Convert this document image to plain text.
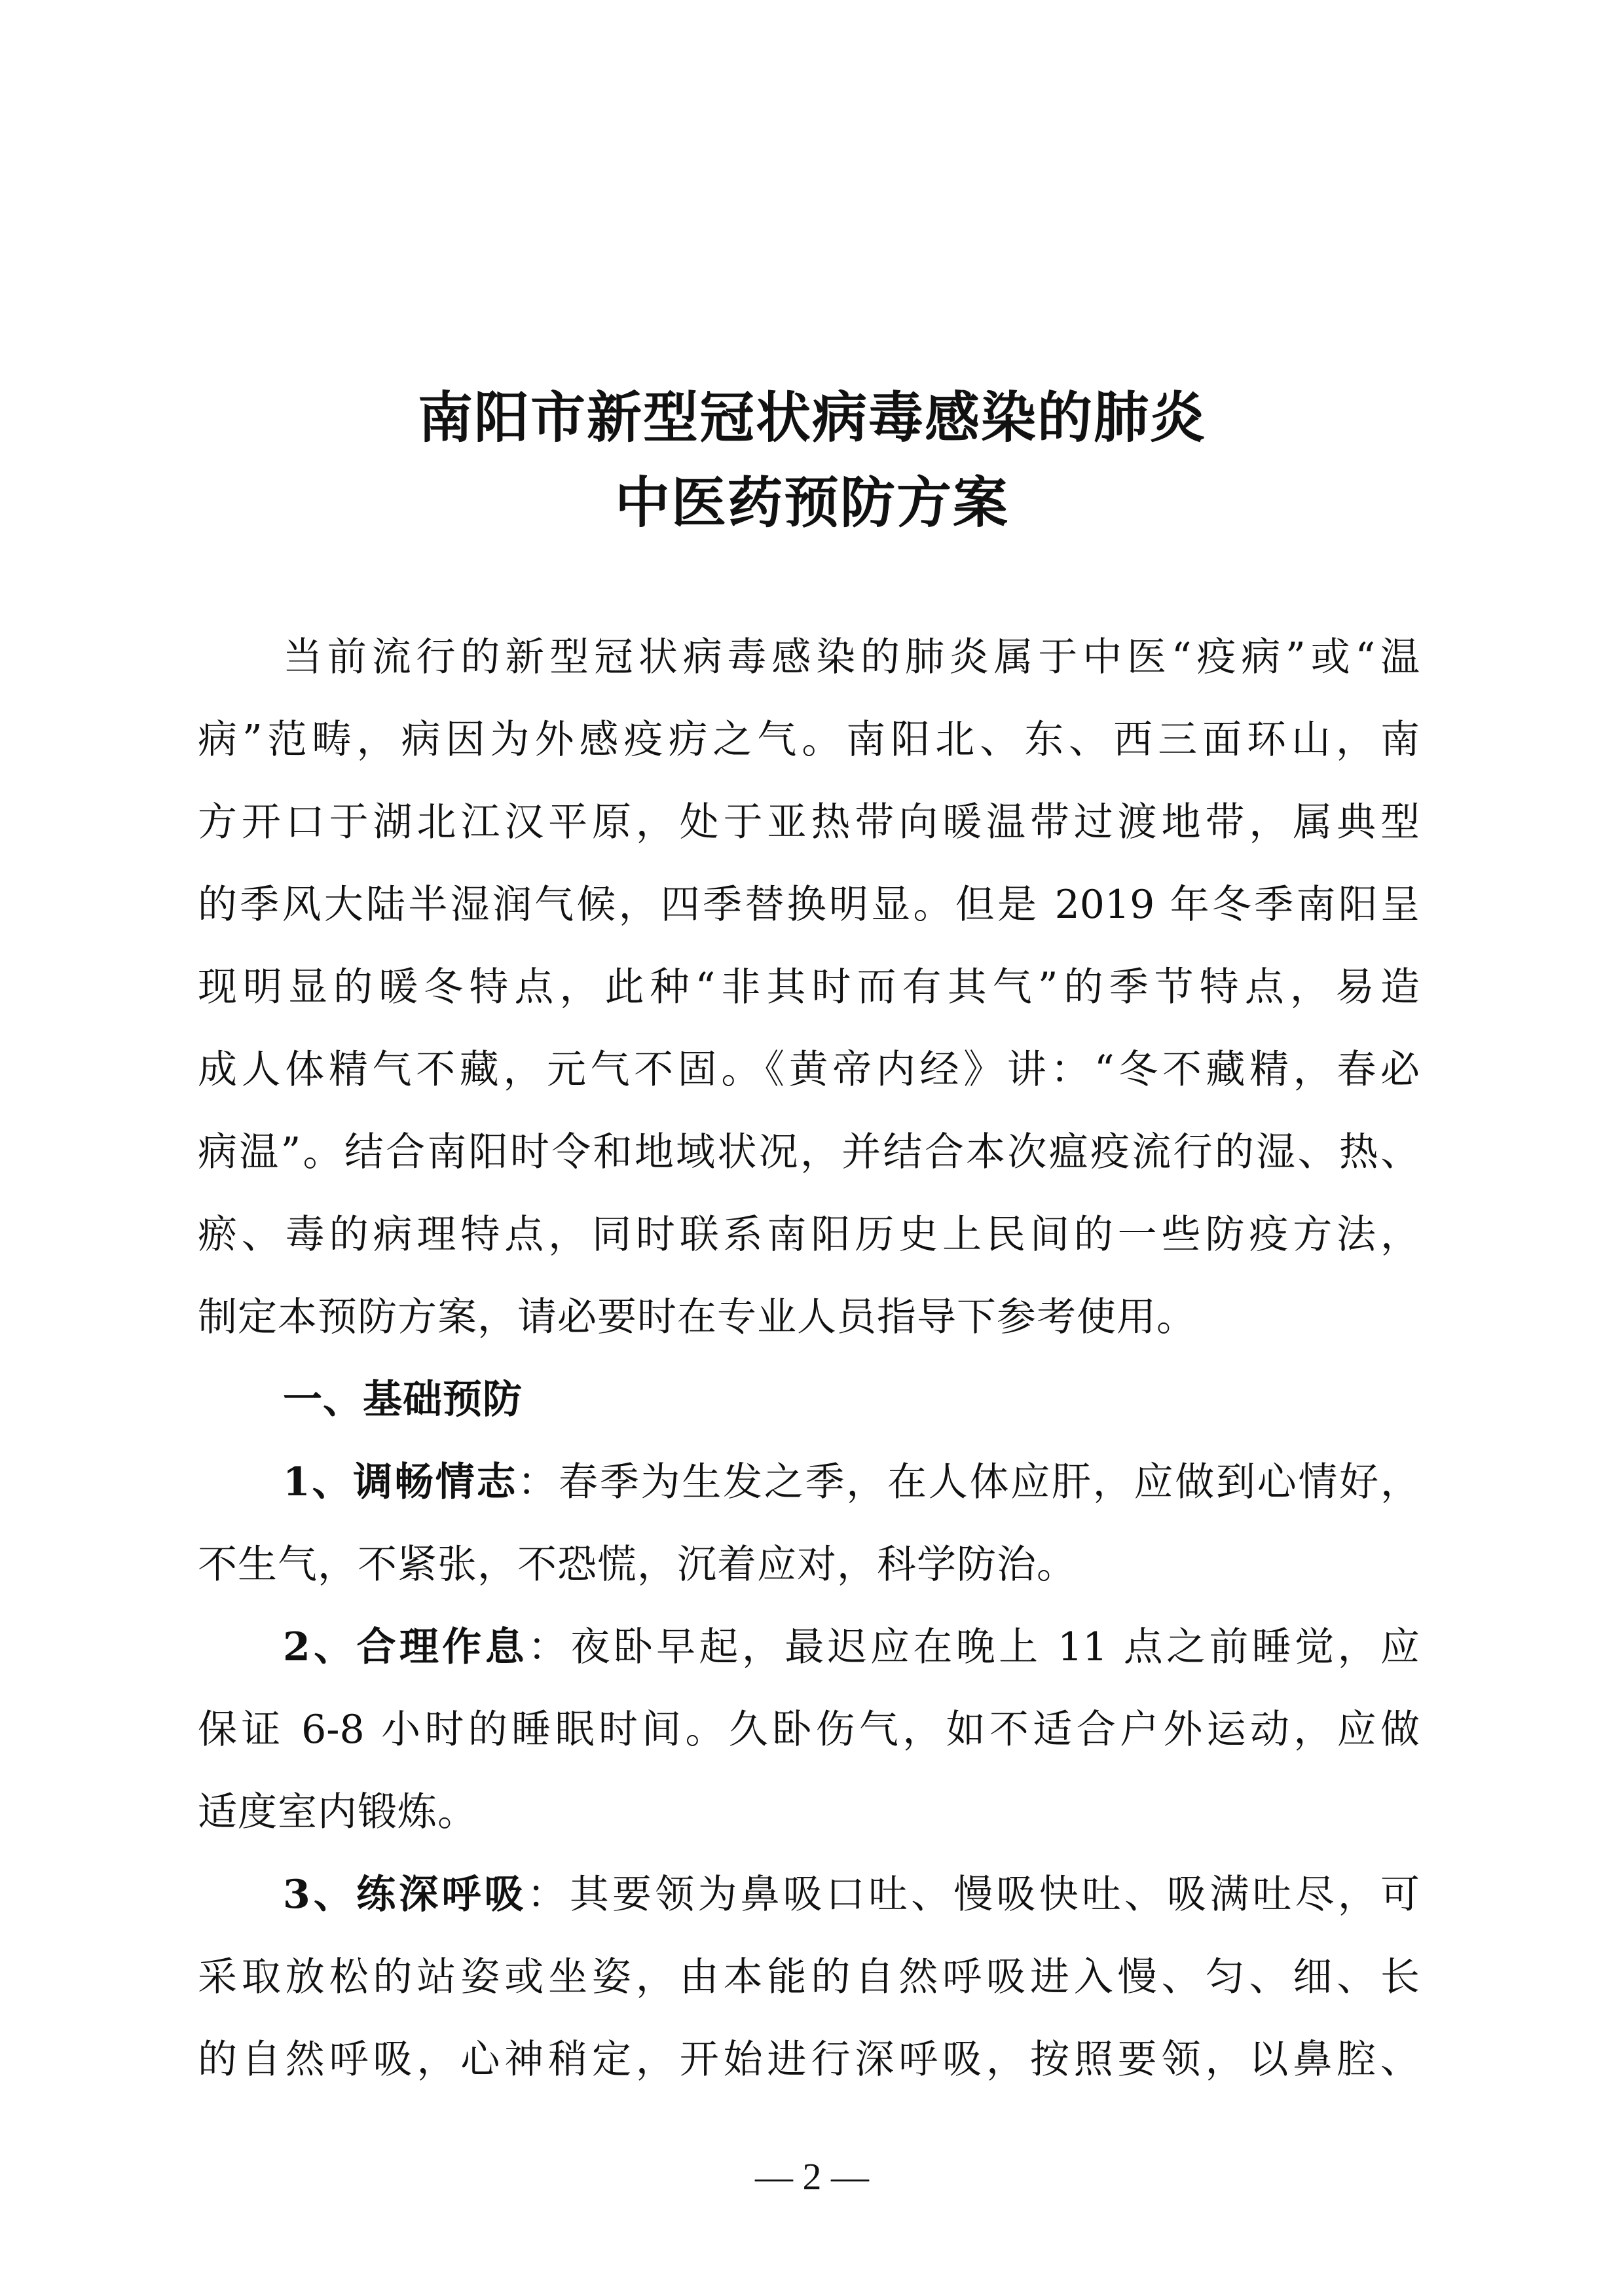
南阳市新型冠状病毒感染的肺炎
中医药预防方案

当前流行的新型冠状病毒感染的肺炎属于中医“疫病”或“温

病”范畴，病因为外感疫疠之气。南阳北、东、西三面环山，南

方开口于湖北江汉平原，处于亚热带向暖温带过渡地带，属典型

的季风大陆半湿润气候，四季替换明显。但是 2019 年冬季南阳呈

现明显的暖冬特点，此种“非其时而有其气”的季节特点，易造

成人体精气不藏，元气不固。《黄帝内经》讲：“冬不藏精，春必

病温”。结合南阳时令和地域状况，并结合本次瘟疫流行的湿、热、

瘀、毒的病理特点，同时联系南阳历史上民间的一些防疫方法，

制定本预防方案，请必要时在专业人员指导下参考使用。

一、基础预防

1、调畅情志：春季为生发之季，在人体应肝，应做到心情好，

不生气，不紧张，不恐慌，沉着应对，科学防治。

2、合理作息：夜卧早起，最迟应在晚上 11 点之前睡觉，应

保证 6-8 小时的睡眠时间。久卧伤气，如不适合户外运动，应做

适度室内锻炼。

3、练深呼吸：其要领为鼻吸口吐、慢吸快吐、吸满吐尽，可

采取放松的站姿或坐姿，由本能的自然呼吸进入慢、匀、细、长

的自然呼吸，心神稍定，开始进行深呼吸，按照要领，以鼻腔、

— 2 —
